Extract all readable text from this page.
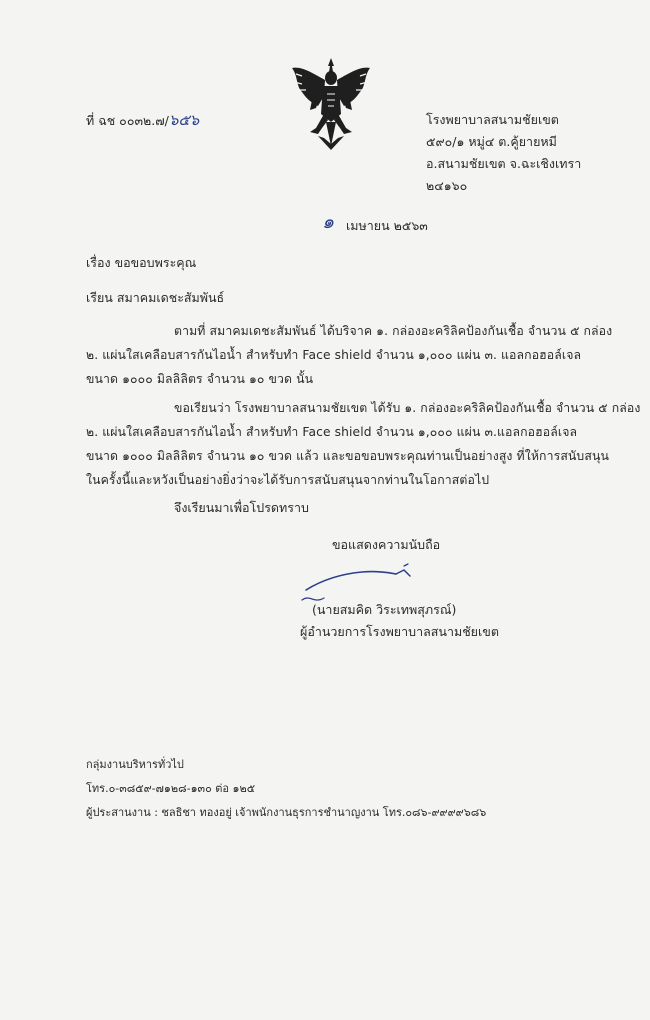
ที่ ฉช ๐๐๓๒.๗/๖๕๖	โรงพยาบาลสนามชัยเขต
๕๙๐/๑ หมู่๔ ต.คู้ยายหมี
อ.สนามชัยเขต จ.ฉะเชิงเทรา
๒๔๑๖๐
๑ เมษายน ๒๕๖๓
เรื่อง ขอขอบพระคุณ
เรียน สมาคมเดชะสัมพันธ์
ตามที่ สมาคมเดชะสัมพันธ์ ได้บริจาค ๑. กล่องอะคริลิคป้องกันเชื้อ จำนวน ๕ กล่อง
๒. แผ่นใสเคลือบสารกันไอน้ำ สำหรับทำ Face shield จำนวน ๑,๐๐๐ แผ่น ๓. แอลกอฮอล์เจล
ขนาด ๑๐๐๐ มิลลิลิตร จำนวน ๑๐ ขวด นั้น
ขอเรียนว่า โรงพยาบาลสนามชัยเขต ได้รับ ๑. กล่องอะคริลิคป้องกันเชื้อ จำนวน ๕ กล่อง
๒. แผ่นใสเคลือบสารกันไอน้ำ สำหรับทำ Face shield จำนวน ๑,๐๐๐ แผ่น ๓.แอลกอฮอล์เจล
ขนาด ๑๐๐๐ มิลลิลิตร จำนวน ๑๐ ขวด แล้ว และขอขอบพระคุณท่านเป็นอย่างสูง ที่ให้การสนับสนุน
ในครั้งนี้และหวังเป็นอย่างยิ่งว่าจะได้รับการสนับสนุนจากท่านในโอกาสต่อไป
จึงเรียนมาเพื่อโปรดทราบ
ขอแสดงความนับถือ
(นายสมคิด วิระเทพสุภรณ์)
ผู้อำนวยการโรงพยาบาลสนามชัยเขต
กลุ่มงานบริหารทั่วไป
โทร.๐-๓๘๕๙-๗๑๒๘-๑๓๐ ต่อ ๑๒๕
ผู้ประสานงาน : ชลธิชา ทองอยู่ เจ้าพนักงานธุรการชำนาญงาน โทร.๐๘๖-๙๙๙๙๖๘๖
